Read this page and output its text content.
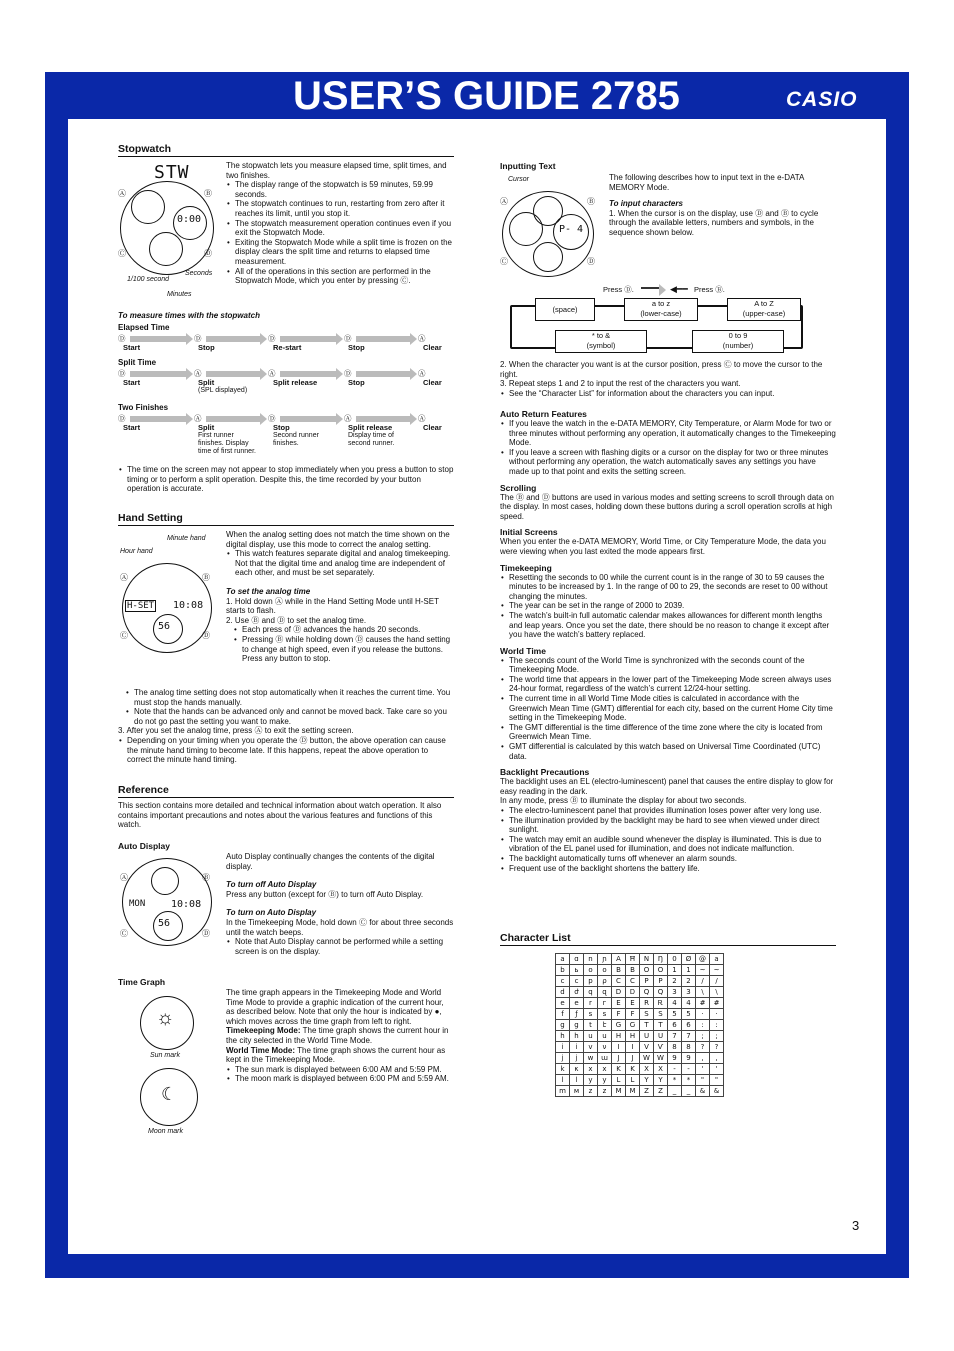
USER’S GUIDE 2785	CASIO
Stopwatch
0:00
STW
Ⓐ	Ⓑ
Ⓒ	Ⓓ
1/100 second
Seconds
Minutes
The stopwatch lets you measure elapsed time, split times, and two finishes.
• The display range of the stopwatch is 59 minutes, 59.99 seconds.
• The stopwatch continues to run, restarting from zero after it reaches its limit, until you stop it.
• The stopwatch measurement operation continues even if you exit the Stopwatch Mode.
• Exiting the Stopwatch Mode while a split time is frozen on the display clears the split time and returns to elapsed time measurement.
• All of the operations in this section are performed in the Stopwatch Mode, which you enter by pressing Ⓒ.
To measure times with the stopwatch
Elapsed Time
Ⓓ	Ⓓ	Ⓓ	Ⓓ	Ⓐ
Start	Stop	Re-start	Stop	Clear
Split Time
Ⓓ	Ⓐ	Ⓐ	Ⓓ	Ⓐ
Start	Split	Split release	Stop	Clear
(SPL displayed)
Two Finishes
Ⓓ	Ⓐ	Ⓓ	Ⓐ	Ⓐ
Start	Split	Stop	Split release	Clear
First runner finishes. Display time of first runner.
Second runner finishes.
Display time of second runner.
• The time on the screen may not appear to stop immediately when you press a button to stop timing or to perform a split operation. Despite this, the time recorded by your button operation is accurate.
Hand Setting
Minute hand
Hour hand
H-SET 10:08
56
Ⓐ	Ⓑ
Ⓒ	Ⓓ
When the analog setting does not match the time shown on the digital display, use this mode to correct the analog setting.
• This watch features separate digital and analog timekeeping. Not that the digital time and analog time are independent of each other, and must be set separately.
To set the analog time
1. Hold down Ⓐ while in the Hand Setting Mode until H-SET starts to flash.
2. Use Ⓑ and Ⓓ to set the analog time.
• Each press of Ⓓ advances the hands 20 seconds.
• Pressing Ⓑ while holding down Ⓓ causes the hand setting to change at high speed, even if you release the buttons. Press any button to stop.
• The analog time setting does not stop automatically when it reaches the current time. You must stop the hands manually.
• Note that the hands can be advanced only and cannot be moved back. Take care so you do not go past the setting you want to make.
3. After you set the analog time, press Ⓐ to exit the setting screen.
• Depending on your timing when you operate the Ⓓ button, the above operation can cause the minute hand timing to become late. If this happens, repeat the above operation to correct the minute hand timing.
Reference
This section contains more detailed and technical information about watch operation. It also contains important precautions and notes about the various features and functions of this watch.
Auto Display
MON	10:08
56
Ⓐ	Ⓑ
Ⓒ	Ⓓ
Auto Display continually changes the contents of the digital display.
To turn off Auto Display
Press any button (except for Ⓑ) to turn off Auto Display.
To turn on Auto Display
In the Timekeeping Mode, hold down Ⓒ for about three seconds until the watch beeps.
• Note that Auto Display cannot be performed while a setting screen is on the display.
Time Graph
☼
Sun mark
☾
Moon mark
The time graph appears in the Timekeeping Mode and World Time Mode to provide a graphic indication of the current hour, as described below. Note that only the hour is indicated by ●, which moves across the time graph from left to right.
Timekeeping Mode: The time graph shows the current hour in the city selected in the World Time Mode.
World Time Mode: The time graph shows the current hour as kept in the Timekeeping Mode.
• The sun mark is displayed between 6:00 AM and 5:59 PM.
• The moon mark is displayed between 6:00 PM and 5:59 AM.
Inputting Text
Cursor
P- 4
Ⓐ	Ⓑ
Ⓒ	Ⓓ
The following describes how to input text in the e-DATA MEMORY Mode.
To input characters
1. When the cursor is on the display, use Ⓓ and Ⓑ to cycle through the available letters, numbers and symbols, in the sequence shown below.
Press Ⓓ.	◀━━ Press Ⓑ.
(space)
a to z
(lower-case)
A to Z
(upper-case)
* to &
(symbol)
0 to 9
(number)
2. When the character you want is at the cursor position, press Ⓒ to move the cursor to the right.
3. Repeat steps 1 and 2 to input the rest of the characters you want.
• See the “Character List” for information about the characters you can input.
Auto Return Features
• If you leave the watch in the e-DATA MEMORY, City Temperature, or Alarm Mode for two or three minutes without performing any operation, it automatically changes to the Timekeeping Mode.
• If you leave a screen with flashing digits or a cursor on the display for two or three minutes without performing any operation, the watch automatically saves any settings you have made up to that point and exits the setting screen.
Scrolling
The Ⓑ and Ⓓ buttons are used in various modes and setting screens to scroll through data on the display. In most cases, holding down these buttons during a scroll operation scrolls at high speed.
Initial Screens
When you enter the e-DATA MEMORY, World Time, or City Temperature Mode, the data you were viewing when you last exited the mode appears first.
Timekeeping
• Resetting the seconds to 00 while the current count is in the range of 30 to 59 causes the minutes to be increased by 1. In the range of 00 to 29, the seconds are reset to 00 without changing the minutes.
• The year can be set in the range of 2000 to 2039.
• The watch’s built-in full automatic calendar makes allowances for different month lengths and leap years. Once you set the date, there should be no reason to change it except after you have the watch’s battery replaced.
World Time
• The seconds count of the World Time is synchronized with the seconds count of the Timekeeping Mode.
• The world time that appears in the lower part of the Timekeeping Mode screen always uses 24-hour format, regardless of the watch’s current 12/24-hour setting.
• The current time in all World Time Mode cities is calculated in accordance with the Greenwich Mean Time (GMT) differential for each city, based on the current Home City time setting in the Timekeeping Mode.
• The GMT differential is the time difference of the time zone where the city is located from Greenwich Mean Time.
• GMT differential is calculated by this watch based on Universal Time Coordinated (UTC) data.
Backlight Precautions
The backlight uses an EL (electro-luminescent) panel that causes the entire display to glow for easy reading in the dark.
In any mode, press Ⓑ to illuminate the display for about two seconds.
• The electro-luminescent panel that provides illumination loses power after very long use.
• The illumination provided by the backlight may be hard to see when viewed under direct sunlight.
• The watch may emit an audible sound whenever the display is illuminated. This is due to vibration of the EL panel used for illumination, and does not indicate malfunction.
• The backlight automatically turns off whenever an alarm sounds.
• Frequent use of the backlight shortens the battery life.
Character List
a	ɑ	n	ɲ	A	Ħ	N	Ŋ	0	Ø	@	a
b	ь	o	ο	B	Β	O	О	1	1	~	~
c	с	p	ρ	C	С	P	Ρ	2	2	/	/
d	ժ	q	զ	D	Ꭰ	Q	Ԛ	3	3	\	\
e	е	r	г	E	Ε	R	Ꭱ	4	4	#	#
f	ƒ	s	ѕ	F	Ϝ	S	Ѕ	5	5	·	·
g	ց	t	է	G	Ԍ	T	Τ	6	6	:	:
h	հ	u	ս	H	Η	U	Ս	7	7	;	;
i	і	v	ν	I	Ι	V	Ѵ	8	8	?	?
j	ϳ	w	ա	J	Ј	W	Ԝ	9	9	,	,
k	κ	x	х	K	Κ	X	Χ	-	-	'	'
l	ӏ	y	у	L	Ⅼ	Y	Υ	*	*	"	"
m	ᴍ	z	ᴢ	M	Μ	Z	Ζ	_	_	&	&
3
